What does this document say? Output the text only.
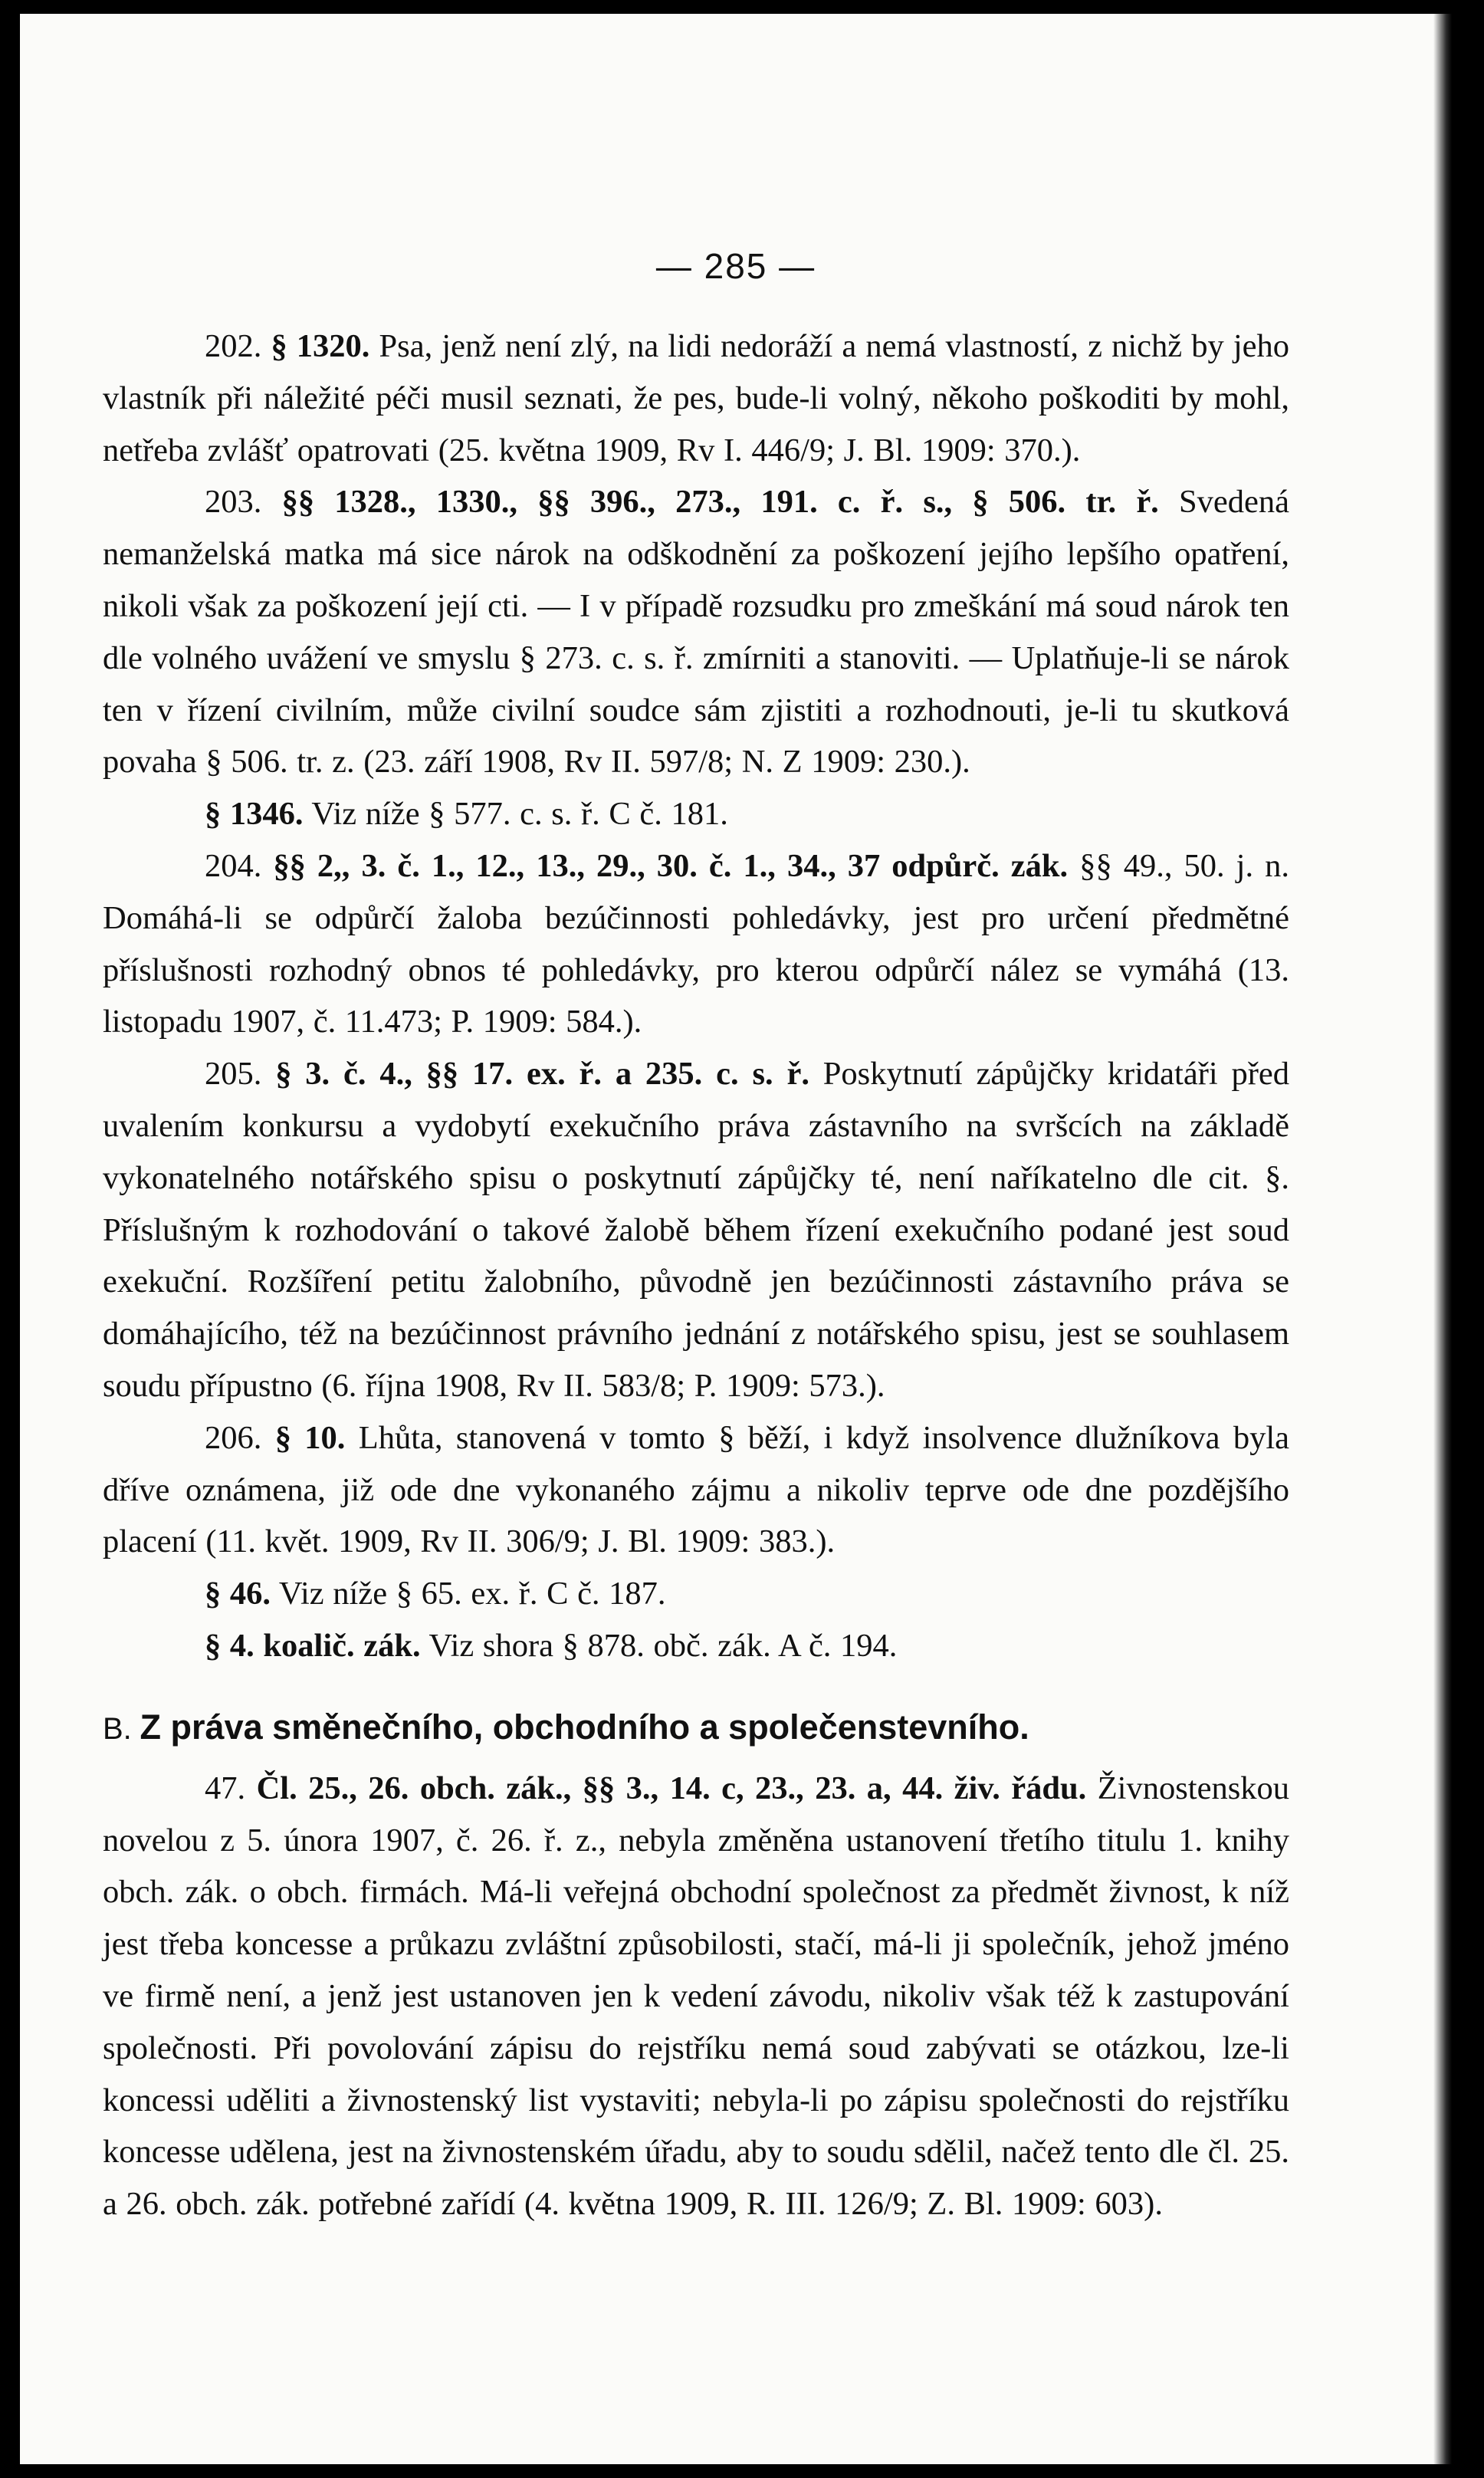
— 285 —

202. § 1320. Psa, jenž není zlý, na lidi nedoráží a nemá vlastností, z nichž by jeho vlastník při náležité péči musil seznati, že pes, bude-li volný, někoho poškoditi by mohl, netřeba zvlášť opatrovati (25. května 1909, Rv I. 446/9; J. Bl. 1909: 370.).

203. §§ 1328., 1330., §§ 396., 273., 191. c. ř. s., § 506. tr. ř. Svedená nemanželská matka má sice nárok na odškodnění za poškození jejího lepšího opatření, nikoli však za poškození její cti. — I v případě rozsudku pro zmeškání má soud nárok ten dle volného uvážení ve smyslu § 273. c. s. ř. zmírniti a stanoviti. — Uplatňuje-li se nárok ten v řízení civilním, může civilní soudce sám zjistiti a rozhodnouti, je-li tu skutková povaha § 506. tr. z. (23. září 1908, Rv II. 597/8; N. Z 1909: 230.).

§ 1346. Viz níže § 577. c. s. ř. C č. 181.

204. §§ 2,, 3. č. 1., 12., 13., 29., 30. č. 1., 34., 37 odpůrč. zák. §§ 49., 50. j. n. Domáhá-li se odpůrčí žaloba bezúčinnosti pohledávky, jest pro určení předmětné příslušnosti rozhodný obnos té pohledávky, pro kterou odpůrčí nález se vymáhá (13. listopadu 1907, č. 11.473; P. 1909: 584.).

205. § 3. č. 4., §§ 17. ex. ř. a 235. c. s. ř. Poskytnutí zápůjčky kridatáři před uvalením konkursu a vydobytí exekučního práva zástavního na svršcích na základě vykonatelného notářského spisu o poskytnutí zápůjčky té, není naříkatelno dle cit. §. Příslušným k rozhodování o takové žalobě během řízení exekučního podané jest soud exekuční. Rozšíření petitu žalobního, původně jen bezúčinnosti zástavního práva se domáhajícího, též na bezúčinnost právního jednání z notářského spisu, jest se souhlasem soudu přípustno (6. října 1908, Rv II. 583/8; P. 1909: 573.).

206. § 10. Lhůta, stanovená v tomto § běží, i když insolvence dlužníkova byla dříve oznámena, již ode dne vykonaného zájmu a nikoliv teprve ode dne pozdějšího placení (11. květ. 1909, Rv II. 306/9; J. Bl. 1909: 383.).

§ 46. Viz níže § 65. ex. ř. C č. 187.

§ 4. koalič. zák. Viz shora § 878. obč. zák. A č. 194.

B. Z práva směnečního, obchodního a společenstevního.

47. Čl. 25., 26. obch. zák., §§ 3., 14. c, 23., 23. a, 44. živ. řádu. Živnostenskou novelou z 5. února 1907, č. 26. ř. z., nebyla změněna ustanovení třetího titulu 1. knihy obch. zák. o obch. firmách. Má-li veřejná obchodní společnost za předmět živnost, k níž jest třeba koncesse a průkazu zvláštní způsobilosti, stačí, má-li ji společník, jehož jméno ve firmě není, a jenž jest ustanoven jen k vedení závodu, nikoliv však též k zastupování společnosti. Při povolování zápisu do rejstříku nemá soud zabývati se otázkou, lze-li koncessi uděliti a živnostenský list vystaviti; nebyla-li po zápisu společnosti do rejstříku koncesse udělena, jest na živnostenském úřadu, aby to soudu sdělil, načež tento dle čl. 25. a 26. obch. zák. potřebné zařídí (4. května 1909, R. III. 126/9; Z. Bl. 1909: 603).
